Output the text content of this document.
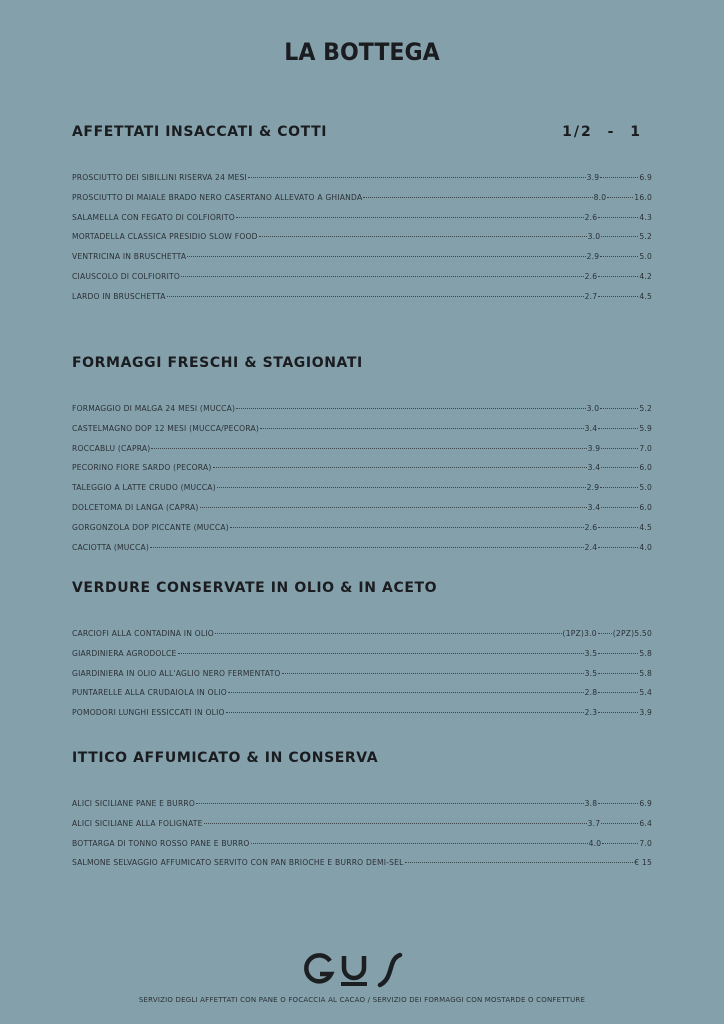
LA BOTTEGA
AFFETTATI INSACCATI & COTTI	1/2 - 1
PROSCIUTTO DEI SIBILLINI RISERVA 24 MESI	3.9	6.9
PROSCIUTTO DI MAIALE BRADO NERO CASERTANO ALLEVATO A GHIANDA	8.0	16.0
SALAMELLA CON FEGATO DI COLFIORITO	2.6	4.3
MORTADELLA CLASSICA PRESIDIO SLOW FOOD	3.0	5.2
VENTRICINA IN BRUSCHETTA	2.9	5.0
CIAUSCOLO DI COLFIORITO	2.6	4.2
LARDO IN BRUSCHETTA	2.7	4.5
FORMAGGI FRESCHI & STAGIONATI
FORMAGGIO DI MALGA 24 MESI (MUCCA)	3.0	5.2
CASTELMAGNO DOP 12 MESI (MUCCA/PECORA)	3.4	5.9
ROCCABLU (CAPRA)	3.9	7.0
PECORINO FIORE SARDO (PECORA)	3.4	6.0
TALEGGIO A LATTE CRUDO (MUCCA)	2.9	5.0
DOLCETOMA DI LANGA (CAPRA)	3.4	6.0
GORGONZOLA DOP PICCANTE (MUCCA)	2.6	4.5
CACIOTTA (MUCCA)	2.4	4.0
VERDURE CONSERVATE IN OLIO & IN ACETO
CARCIOFI ALLA CONTADINA IN OLIO	(1PZ)3.0 (2PZ)5.50
GIARDINIERA AGRODOLCE	3.5	5.8
GIARDINIERA IN OLIO ALL'AGLIO NERO FERMENTATO	3.5	5.8
PUNTARELLE ALLA CRUDAIOLA IN OLIO	2.8	5.4
POMODORI LUNGHI ESSICCATI IN OLIO	2.3	3.9
ITTICO AFFUMICATO & IN CONSERVA
ALICI SICILIANE PANE E BURRO	3.8	6.9
ALICI SICILIANE ALLA FOLIGNATE	3.7	6.4
BOTTARGA DI TONNO ROSSO PANE E BURRO	4.0	7.0
SALMONE SELVAGGIO AFFUMICATO SERVITO CON PAN BRIOCHE E BURRO DEMI-SEL	€ 15
SERVIZIO DEGLI AFFETTATI CON PANE O FOCACCIA AL CACAO / SERVIZIO DEI FORMAGGI CON MOSTARDE O CONFETTURE
